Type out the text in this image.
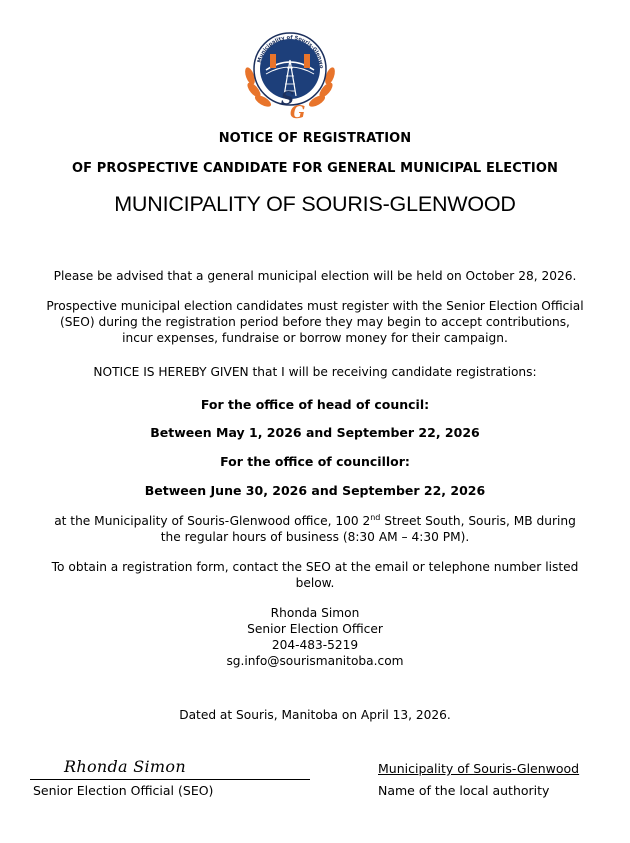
Municipality of Souris-Glenwo
S
G
NOTICE OF REGISTRATION
OF PROSPECTIVE CANDIDATE FOR GENERAL MUNICIPAL ELECTION
MUNICIPALITY OF SOURIS-GLENWOOD
Please be advised that a general municipal election will be held on October 28, 2026.
Prospective municipal election candidates must register with the Senior Election Official
(SEO) during the registration period before they may begin to accept contributions,
incur expenses, fundraise or borrow money for their campaign.
NOTICE IS HEREBY GIVEN that I will be receiving candidate registrations:
For the office of head of council:
Between May 1, 2026 and September 22, 2026
For the office of councillor:
Between June 30, 2026 and September 22, 2026
at the Municipality of Souris-Glenwood office, 100 2nd Street South, Souris, MB during
the regular hours of business (8:30 AM – 4:30 PM).
To obtain a registration form, contact the SEO at the email or telephone number listed
below.
Rhonda Simon
Senior Election Officer
204-483-5219
sg.info@sourismanitoba.com
Dated at Souris, Manitoba on April 13, 2026.
Rhonda Simon
Senior Election Official (SEO)
Municipality of Souris-Glenwood
Name of the local authority
